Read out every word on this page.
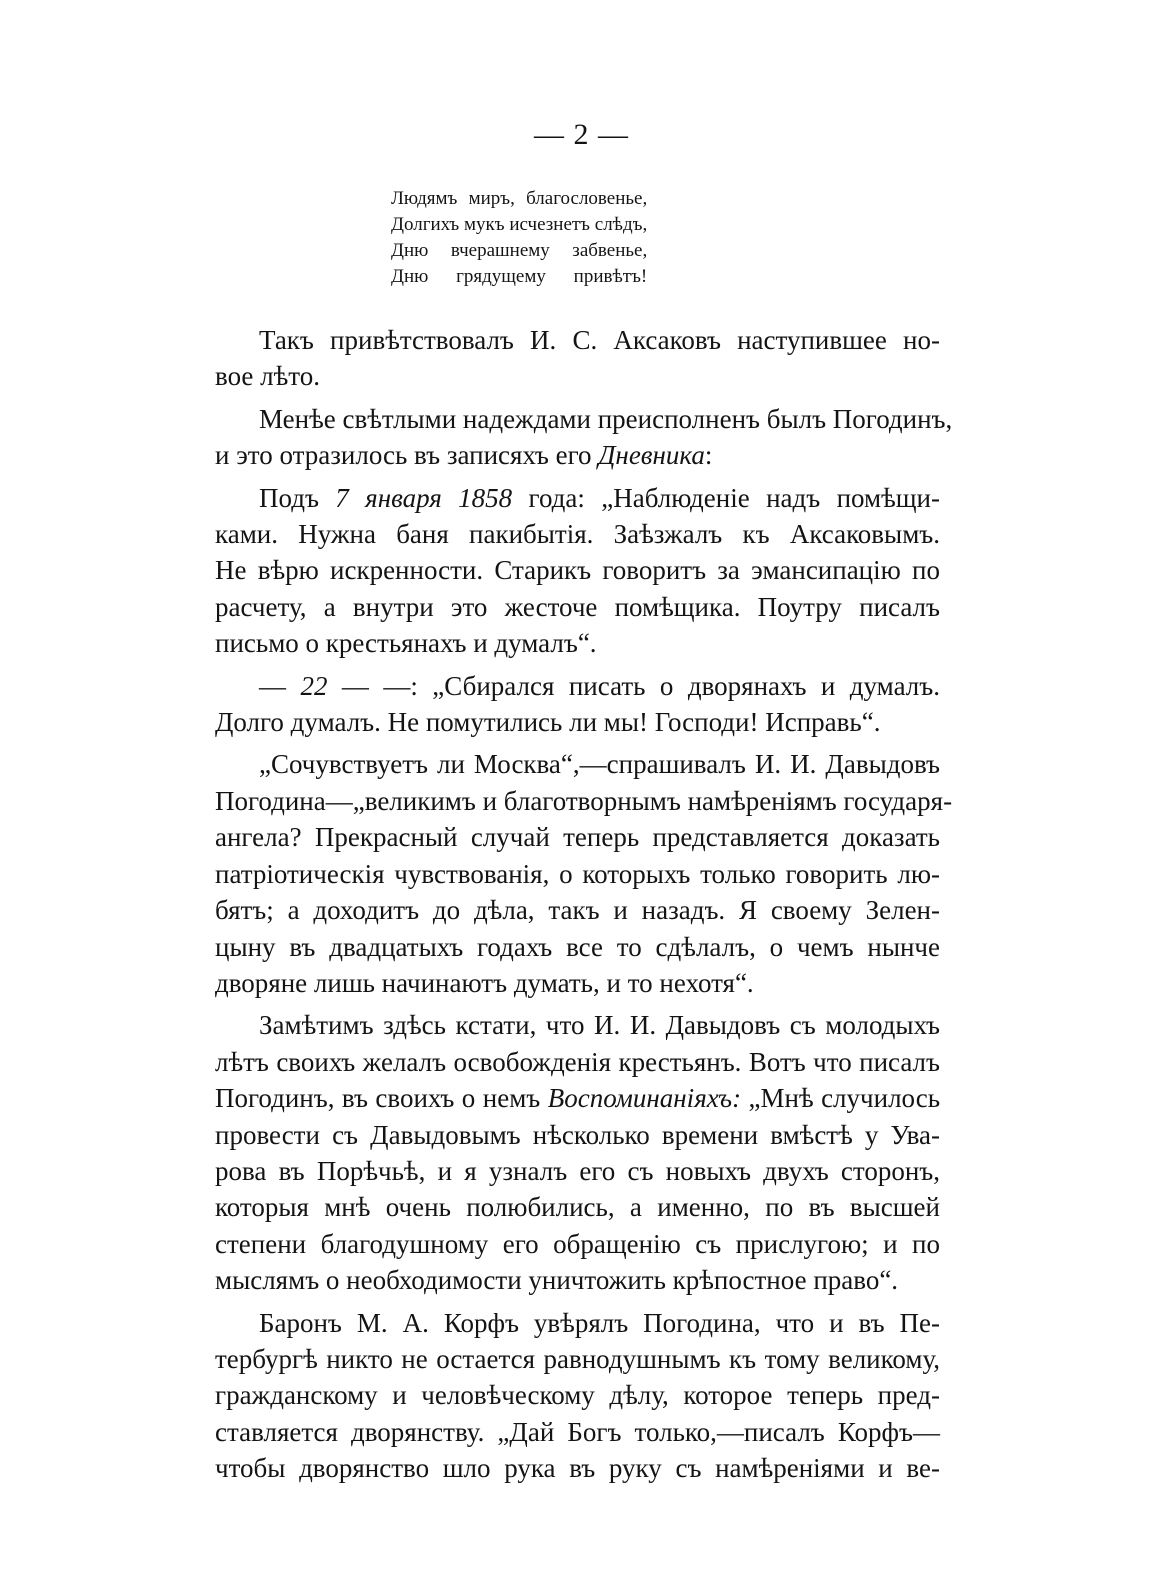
— 2 —
Людямъ миръ, благословенье,
Долгихъ мукъ исчезнетъ слѣдъ,
Дню вчерашнему забвенье,
Дню грядущему привѣтъ!
Такъ привѣтствовалъ И. С. Аксаковъ наступившее но-
вое лѣто.
Менѣе свѣтлыми надеждами преисполненъ былъ Погодинъ,
и это отразилось въ записяхъ его Дневника:
Подъ 7 января 1858 года: „Наблюденіе надъ помѣщи-
ками. Нужна баня пакибытія. Заѣзжалъ къ Аксаковымъ.
Не вѣрю искренности. Старикъ говоритъ за эмансипацію по
расчету, а внутри это жесточе помѣщика. Поутру писалъ
письмо о крестьянахъ и думалъ“.
— 22 — —: „Сбирался писать о дворянахъ и думалъ.
Долго думалъ. Не помутились ли мы! Господи! Исправь“.
„Сочувствуетъ ли Москва“,—спрашивалъ И. И. Давыдовъ
Погодина—„великимъ и благотворнымъ намѣреніямъ государя-
ангела? Прекрасный случай теперь представляется доказать
патріотическія чувствованія, о которыхъ только говорить лю-
бятъ; а доходитъ до дѣла, такъ и назадъ. Я своему Зелен-
цыну въ двадцатыхъ годахъ все то сдѣлалъ, о чемъ нынче
дворяне лишь начинаютъ думать, и то нехотя“.
Замѣтимъ здѣсь кстати, что И. И. Давыдовъ съ молодыхъ
лѣтъ своихъ желалъ освобожденія крестьянъ. Вотъ что писалъ
Погодинъ, въ своихъ о немъ Воспоминаніяхъ: „Мнѣ случилось
провести съ Давыдовымъ нѣсколько времени вмѣстѣ у Ува-
рова въ Порѣчьѣ, и я узналъ его съ новыхъ двухъ сторонъ,
которыя мнѣ очень полюбились, а именно, по въ высшей
степени благодушному его обращенію съ прислугою; и по
мыслямъ о необходимости уничтожить крѣпостное право“.
Баронъ М. А. Корфъ увѣрялъ Погодина, что и въ Пе-
тербургѣ никто не остается равнодушнымъ къ тому великому,
гражданскому и человѣческому дѣлу, которое теперь пред-
ставляется дворянству. „Дай Богъ только,—писалъ Корфъ—
чтобы дворянство шло рука въ руку съ намѣреніями и ве-
